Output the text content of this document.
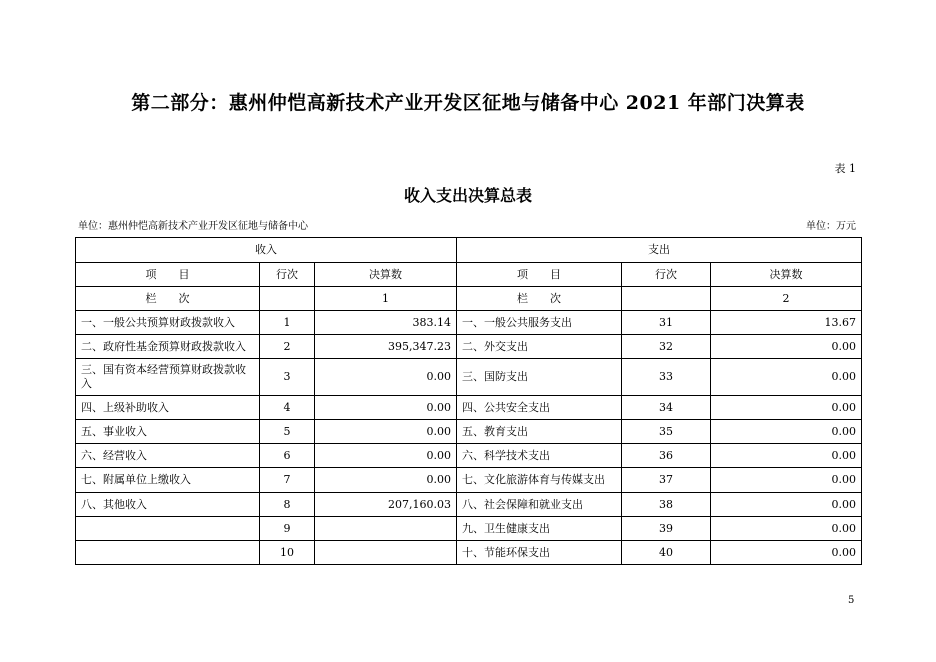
第二部分：惠州仲恺高新技术产业开发区征地与储备中心 2021 年部门决算表
表 1
收入支出决算总表
单位：惠州仲恺高新技术产业开发区征地与储备中心	单位：万元
收入			支出		
项　　目	行次	决算数	项　　目	行次	决算数
栏　　次		1	栏　　次		2
一、一般公共预算财政拨款收入	1	383.14	一、一般公共服务支出	31	13.67
二、政府性基金预算财政拨款收入	2	395,347.23	二、外交支出	32	0.00
三、国有资本经营预算财政拨款收入	3	0.00	三、国防支出	33	0.00
四、上级补助收入	4	0.00	四、公共安全支出	34	0.00
五、事业收入	5	0.00	五、教育支出	35	0.00
六、经营收入	6	0.00	六、科学技术支出	36	0.00
七、附属单位上缴收入	7	0.00	七、文化旅游体育与传媒支出	37	0.00
八、其他收入	8	207,160.03	八、社会保障和就业支出	38	0.00
	9		九、卫生健康支出	39	0.00
	10		十、节能环保支出	40	0.00
5
